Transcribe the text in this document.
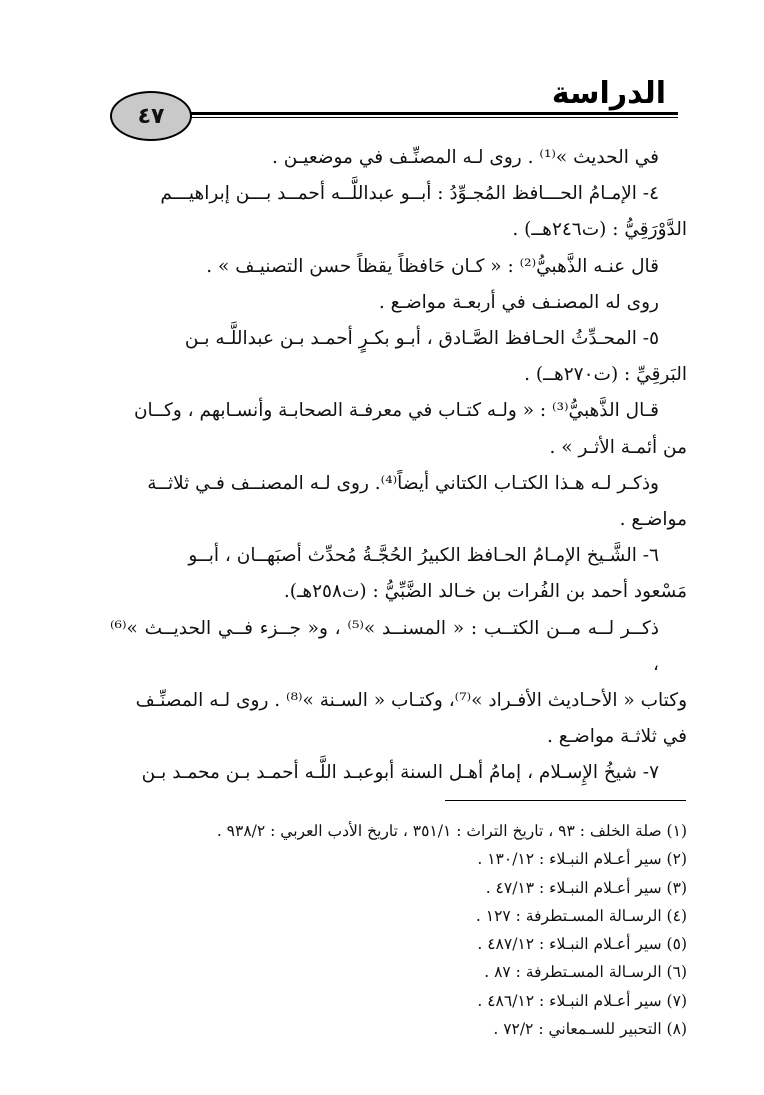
الدراسة
٤٧

في الحديث »⁽¹⁾ . روى لـه المصنِّـف في موضعيـن .

٤- الإمـامُ الحـــافظ المُجـوِّدُ : أبــو عبداللَّــه أحمــد بـــن إبراهيـــم

الدَّوْرَقِيُّ : (ت٢٤٦هــ) .

قال عنـه الذَّهبيُّ⁽²⁾ : « كـان حَافظاً يقظاً حسن التصنيـف » .

روى له المصنـف في أربعـة مواضـع .

٥- المحـدِّثُ الحـافظ الصَّـادق ، أبـو بكـرٍ أحمـد بـن عبداللَّـه بـن

البَرقِيِّ : (ت٢٧٠هــ) .

قـال الذَّهبيُّ⁽³⁾ : « ولـه كتـاب في معرفـة الصحابـة وأنسـابهم ، وكــان

من أئمـة الأثـر » .

وذكـر لـه هـذا الكتـاب الكتاني أيضاً⁽⁴⁾. روى لـه المصنــف فـي ثلاثــة

مواضـع .

٦- الشَّـيخ الإمـامُ الحـافظ الكبيرُ الحُجَّـةُ مُحدِّث أصبَهــان ، أبــو

مَسْعود أحمد بن الفُرات بن خـالد الضَّبِّيُّ : (ت٢٥٨هـ).

ذكــر لــه مــن الكتــب : « المسنــد »⁽⁵⁾ ، و« جــزء فــي الحديــث »⁽⁶⁾ ،

وكتاب « الأحـاديث الأفـراد »⁽⁷⁾، وكتـاب « السـنة »⁽⁸⁾ . روى لـه المصنِّـف

في ثلاثـة مواضـع .

٧- شيخُ الإِسـلام ، إمامُ أهـل السنة أبوعبـد اللَّـه أحمـد بـن محمـد بـن

(١) صلة الخلف : ٩٣ ، تاريخ التراث : ٣٥١/١ ، تاريخ الأدب العربي : ٩٣٨/٢ .

(٢) سير أعـلام النبـلاء : ١٣٠/١٢ .

(٣) سير أعـلام النبـلاء : ٤٧/١٣ .

(٤) الرسـالة المسـتطرفة : ١٢٧ .

(٥) سير أعـلام النبـلاء : ٤٨٧/١٢ .

(٦) الرسـالة المسـتطرفة : ٨٧ .

(٧) سير أعـلام النبـلاء : ٤٨٦/١٢ .

(٨) التحبير للسـمعاني : ٧٢/٢ .
